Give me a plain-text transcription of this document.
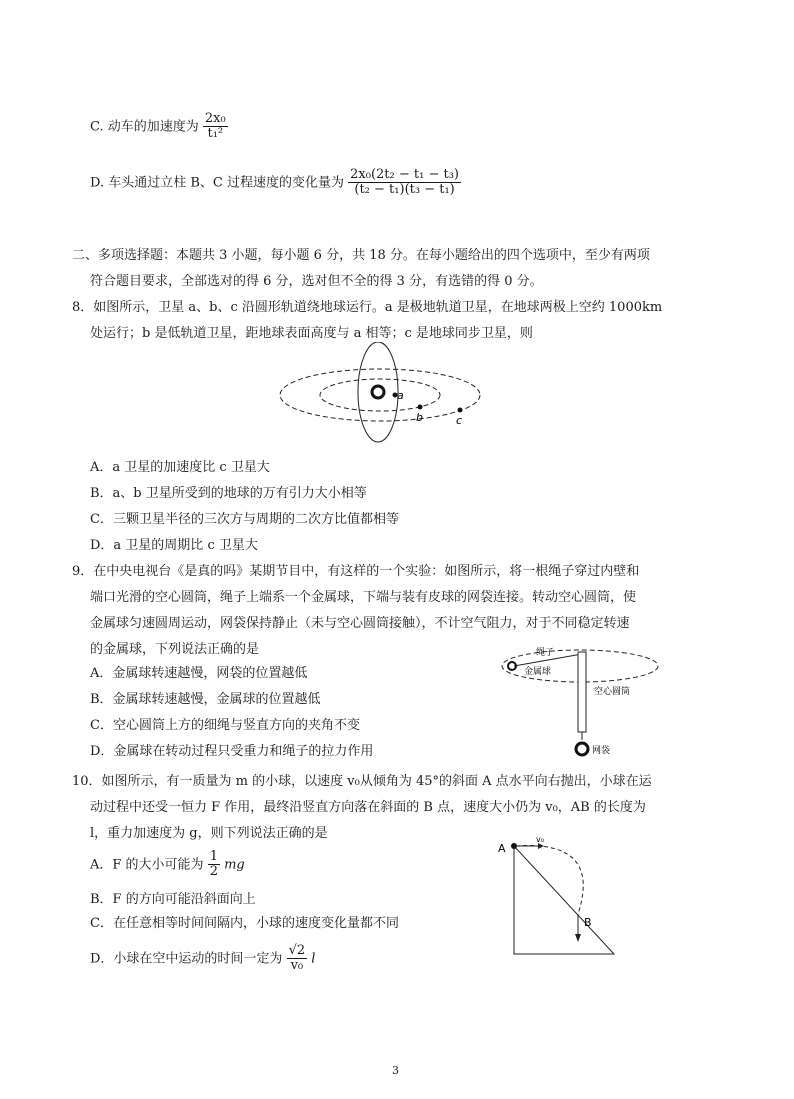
C. 动车的加速度为 $\frac{\text{2x₀}}{\text{t₁²}}$
D. 车头通过立柱 B、C 过程速度的变化量为 $\frac{\text{2x₀(2t₂ − t₁ − t₃)}}{\text{(t₂ − t₁)(t₃ − t₁)}}$
二、多项选择题：本题共 3 小题，每小题 6 分，共 18 分。在每小题给出的四个选项中，至少有两项
符合题目要求，全部选对的得 6 分，选对但不全的得 3 分，有选错的得 0 分。
8．如图所示，卫星 a、b、c 沿圆形轨道绕地球运行。a 是极地轨道卫星，在地球两极上空约 1000km
处运行；b 是低轨道卫星，距地球表面高度与 a 相等；c 是地球同步卫星，则
a
b	c
A．a 卫星的加速度比 c 卫星大
B．a、b 卫星所受到的地球的万有引力大小相等
C．三颗卫星半径的三次方与周期的二次方比值都相等
D．a 卫星的周期比 c 卫星大
9．在中央电视台《是真的吗》某期节目中，有这样的一个实验：如图所示，将一根绳子穿过内壁和
端口光滑的空心圆筒，绳子上端系一个金属球，下端与装有皮球的网袋连接。转动空心圆筒，使
金属球匀速圆周运动，网袋保持静止（未与空心圆筒接触），不计空气阻力，对于不同稳定转速
的金属球，下列说法正确的是
A．金属球转速越慢，网袋的位置越低
B．金属球转速越慢，金属球的位置越低
C．空心圆筒上方的细绳与竖直方向的夹角不变
D．金属球在转动过程只受重力和绳子的拉力作用
绳子
金属球
空心圆筒
网袋
10．如图所示，有一质量为 m 的小球，以速度 v₀从倾角为 45°的斜面 A 点水平向右抛出，小球在运
动过程中还受一恒力 F 作用，最终沿竖直方向落在斜面的 B 点，速度大小仍为 v₀，AB 的长度为
l，重力加速度为 g，则下列说法正确的是
A．F 的大小可能为 $\frac{1}{2}$ mg
B．F 的方向可能沿斜面向上
C．在任意相等时间间隔内，小球的速度变化量都不同
D．小球在空中运动的时间一定为 $\frac{√2}{\text{v₀}}$ l
A
v₀
B
3
